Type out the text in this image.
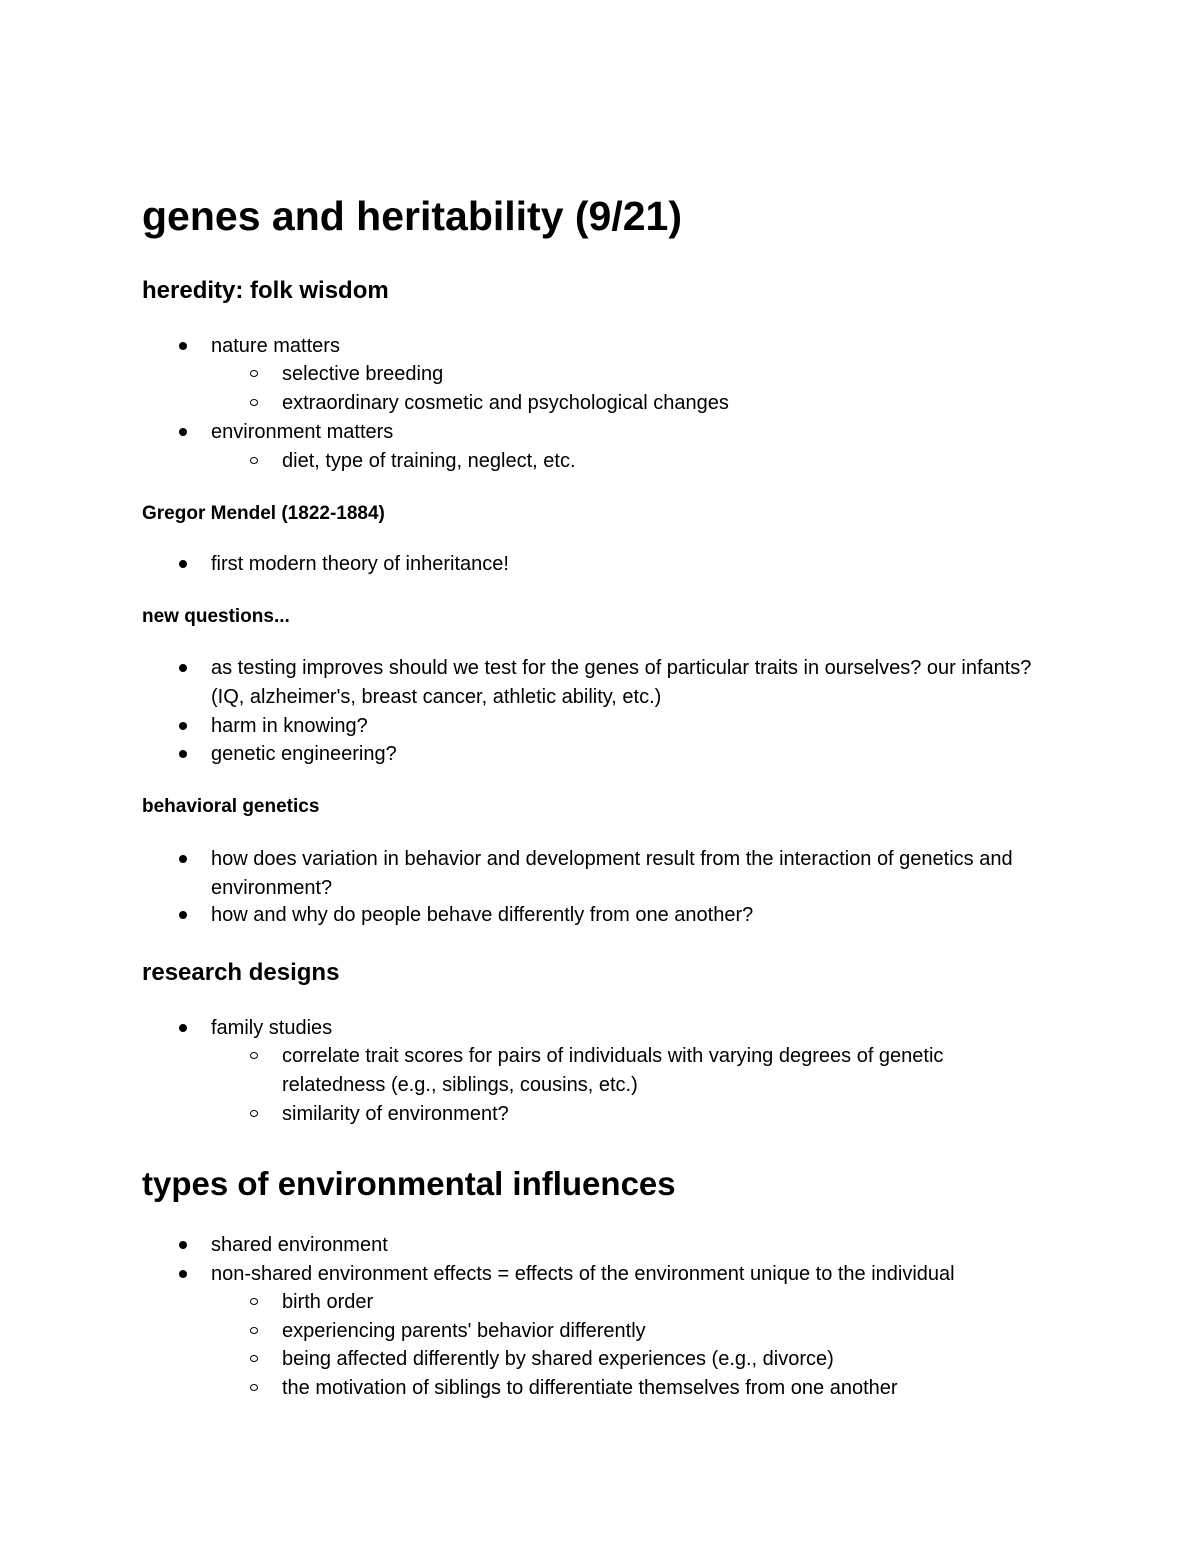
genes and heritability (9/21)
heredity: folk wisdom
nature matters
selective breeding
extraordinary cosmetic and psychological changes
environment matters
diet, type of training, neglect, etc.
Gregor Mendel (1822-1884)
first modern theory of inheritance!
new questions...
as testing improves should we test for the genes of particular traits in ourselves? our infants? (IQ, alzheimer's, breast cancer, athletic ability, etc.)
harm in knowing?
genetic engineering?
behavioral genetics
how does variation in behavior and development result from the interaction of genetics and environment?
how and why do people behave differently from one another?
research designs
family studies
correlate trait scores for pairs of individuals with varying degrees of genetic relatedness (e.g., siblings, cousins, etc.)
similarity of environment?
types of environmental influences
shared environment
non-shared environment effects = effects of the environment unique to the individual
birth order
experiencing parents' behavior differently
being affected differently by shared experiences (e.g., divorce)
the motivation of siblings to differentiate themselves from one another
